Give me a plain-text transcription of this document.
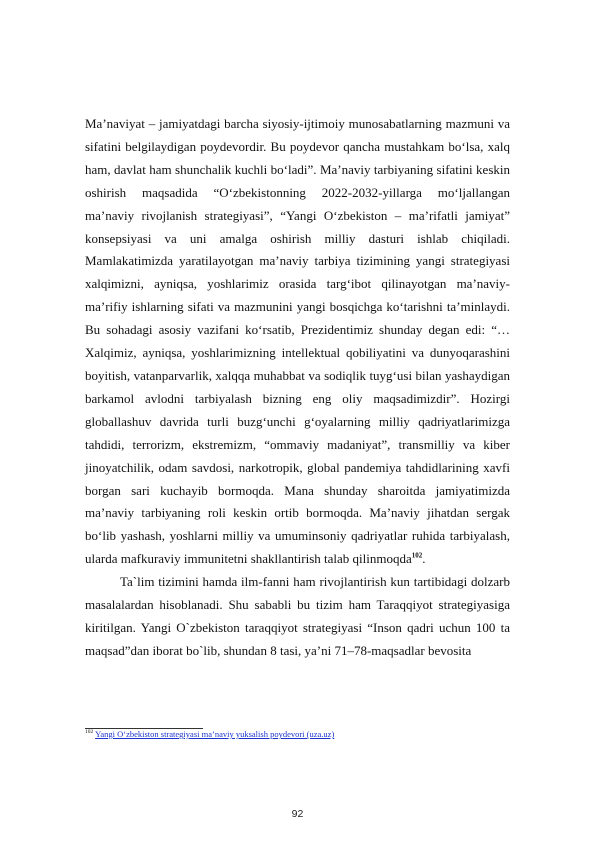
Ma’naviyat – jamiyatdagi barcha siyosiy-ijtimoiy munosabatlarning mazmuni va sifatini belgilaydigan poydevordir. Bu poydevor qancha mustahkam bo‘lsa, xalq ham, davlat ham shunchalik kuchli bo‘ladi”. Ma’naviy tarbiyaning sifatini keskin oshirish maqsadida “O‘zbekistonning 2022-2032-yillarga mo‘ljallangan ma’naviy rivojlanish strategiyasi”, “Yangi O‘zbekiston – ma’rifatli jamiyat” konsepsiyasi va uni amalga oshirish milliy dasturi ishlab chiqiladi. Mamlakatimizda yaratilayotgan ma’naviy tarbiya tizimining yangi strategiyasi xalqimizni, ayniqsa, yoshlarimiz orasida targ‘ibot qilinayotgan ma’naviy-ma’rifiy ishlarning sifati va mazmunini yangi bosqichga ko‘tarishni ta’minlaydi. Bu sohadagi asosiy vazifani ko‘rsatib, Prezidentimiz shunday degan edi: “…Xalqimiz, ayniqsa, yoshlarimizning intellektual qobiliyatini va dunyoqarashini boyitish, vatanparvarlik, xalqqa muhabbat va sodiqlik tuyg‘usi bilan yashaydigan barkamol avlodni tarbiyalash bizning eng oliy maqsadimizdir”. Hozirgi globallashuv davrida turli buzg‘unchi g‘oyalarning milliy qadriyatlarimizga tahdidi, terrorizm, ekstremizm, “ommaviy madaniyat”, transmilliy va kiber jinoyatchilik, odam savdosi, narkotropik, global pandemiya tahdidlarining xavfi borgan sari kuchayib bormoqda. Mana shunday sharoitda jamiyatimizda ma’naviy tarbiyaning roli keskin ortib bormoqda. Ma’naviy jihatdan sergak bo‘lib yashash, yoshlarni milliy va umuminsoniy qadriyatlar ruhida tarbiyalash, ularda mafkuraviy immunitetni shakllantirish talab qilinmoqda$^{102}$.

Ta`lim tizimini hamda ilm-fanni ham rivojlantirish kun tartibidagi dolzarb masalalardan hisoblanadi. Shu sababli bu tizim ham Taraqqiyot strategiyasiga kiritilgan. Yangi O`zbekiston taraqqiyot strategiyasi “Inson qadri uchun 100 ta maqsad”dan iborat bo`lib, shundan 8 tasi, ya’ni 71–78-maqsadlar bevosita

$^{102}$ Yangi O‘zbekiston strategiyasi ma’naviy yuksalish poydevori (uza.uz)
92
